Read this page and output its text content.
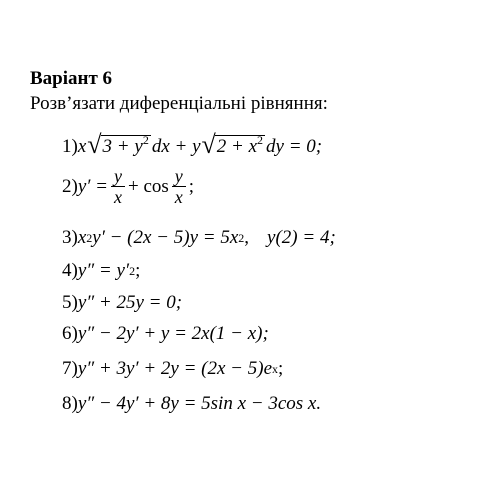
Варіант 6
Розв’язати диференціальні рівняння:
1) x √ $3 + y^2$ dx + y √ $2 + x^2$ dy = 0;
2) $y' = \frac{y}{x} + \cos \frac{y}{x}$ ;
3) x 2 y′ − (2x − 5)y = 5x 2 , y(2) = 4;
4) y″ = y′ 2 ;
5) y″ + 25y = 0;
6) y″ − 2y′ + y = 2x(1 − x);
7) y″ + 3y′ + 2y = (2x − 5)e x ;
8) y″ − 4y′ + 8y = 5sin x − 3cos x.
